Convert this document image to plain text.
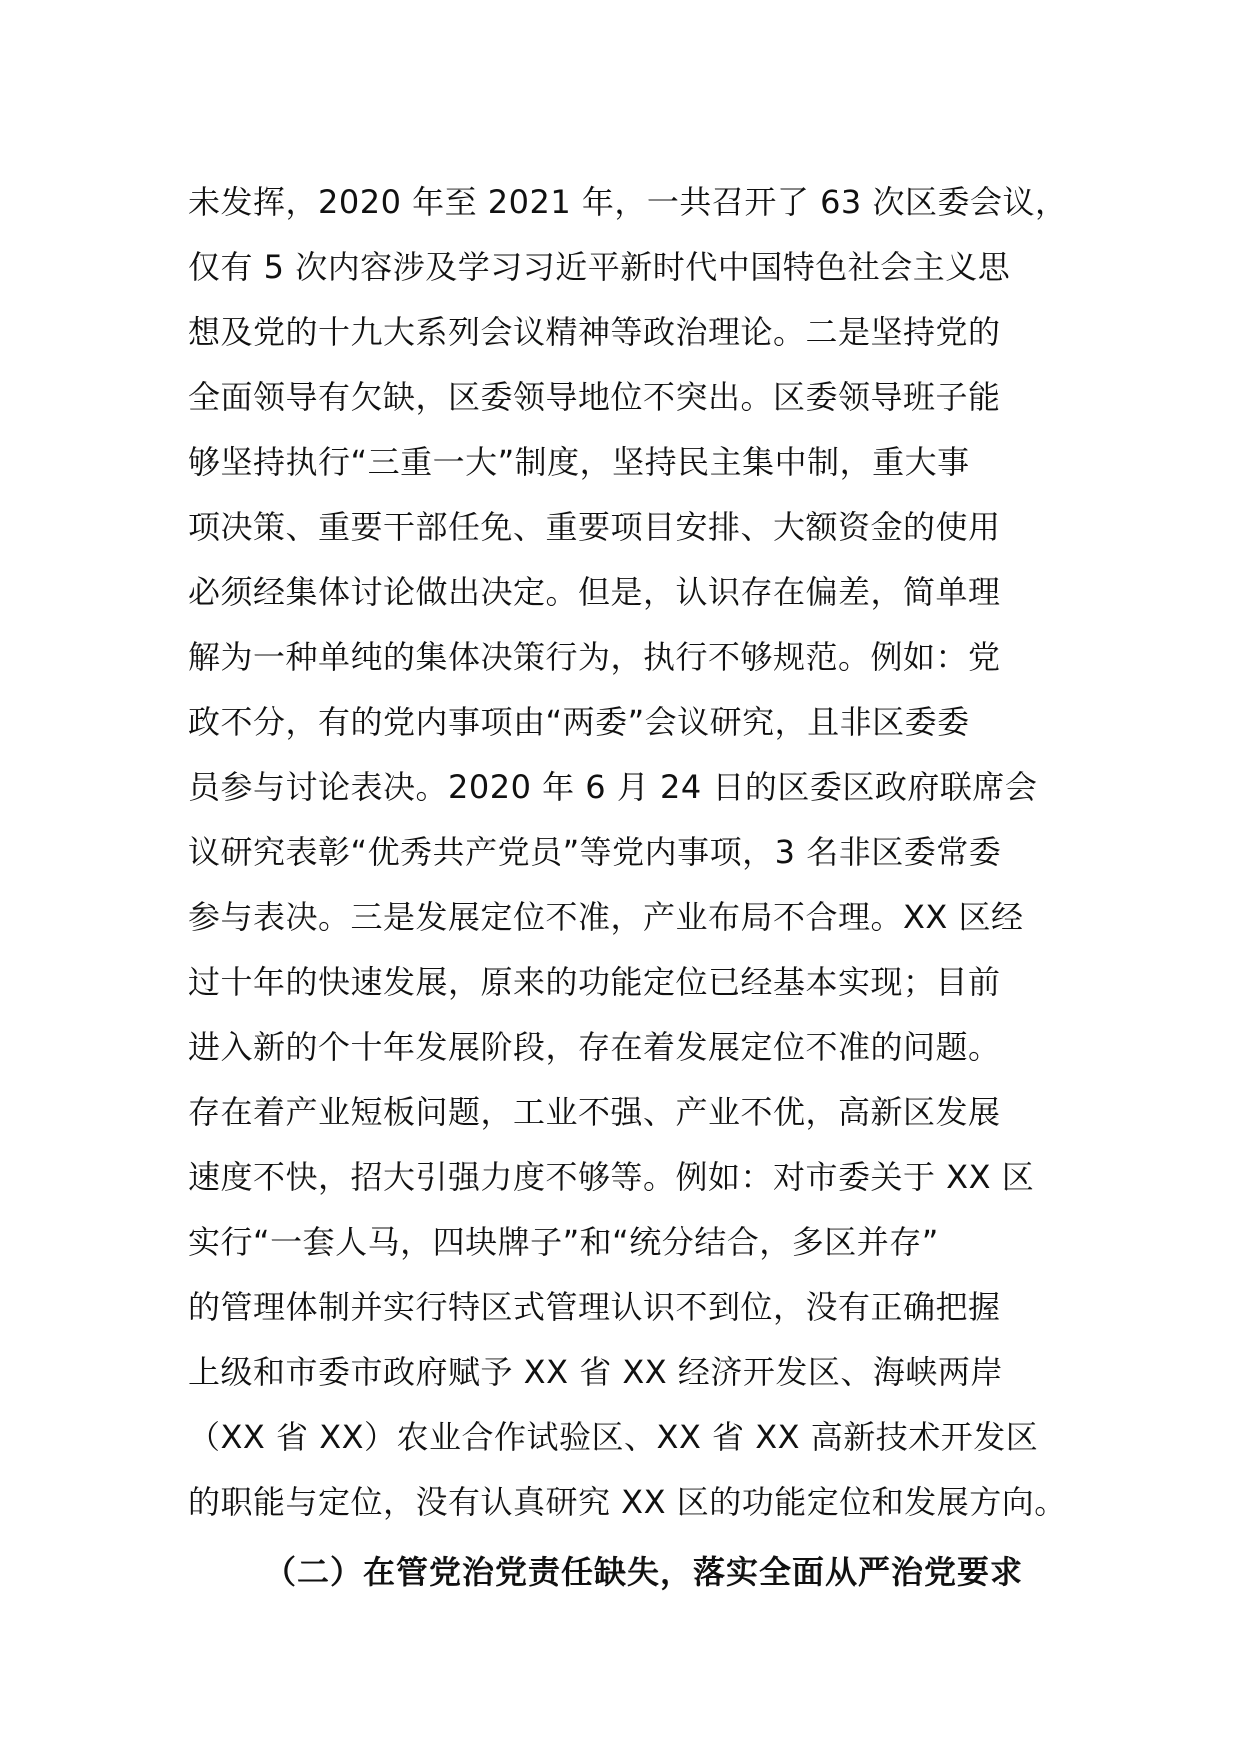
未发挥，2020 年至 2021 年，一共召开了 63 次区委会议，
仅有 5 次内容涉及学习习近平新时代中国特色社会主义思
想及党的十九大系列会议精神等政治理论。二是坚持党的
全面领导有欠缺，区委领导地位不突出。区委领导班子能
够坚持执行“三重一大”制度，坚持民主集中制，重大事
项决策、重要干部任免、重要项目安排、大额资金的使用
必须经集体讨论做出决定。但是，认识存在偏差，简单理
解为一种单纯的集体决策行为，执行不够规范。例如：党
政不分，有的党内事项由“两委”会议研究，且非区委委
员参与讨论表决。2020 年 6 月 24 日的区委区政府联席会
议研究表彰“优秀共产党员”等党内事项，3 名非区委常委
参与表决。三是发展定位不准，产业布局不合理。XX 区经
过十年的快速发展，原来的功能定位已经基本实现；目前
进入新的个十年发展阶段，存在着发展定位不准的问题。
存在着产业短板问题，工业不强、产业不优，高新区发展
速度不快，招大引强力度不够等。例如：对市委关于 XX 区
实行“一套人马，四块牌子”和“统分结合，多区并存”
的管理体制并实行特区式管理认识不到位，没有正确把握
上级和市委市政府赋予 XX 省 XX 经济开发区、海峡两岸
（XX 省 XX）农业合作试验区、XX 省 XX 高新技术开发区
的职能与定位，没有认真研究 XX 区的功能定位和发展方向。
（二）在管党治党责任缺失，落实全面从严治党要求
